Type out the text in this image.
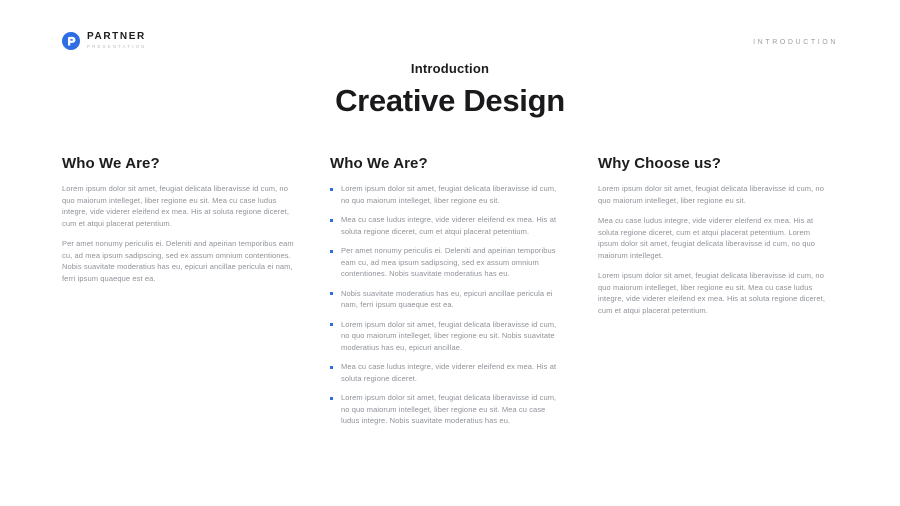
PARTNER
PRESENTATION
INTRODUCTION
Introduction
Creative Design
Who We Are?

Lorem ipsum dolor sit amet, feugiat delicata liberavisse id cum, no quo maiorum intelleget, liber regione eu sit. Mea cu case ludus integre, vide viderer eleifend ex mea. His at soluta regione diceret, cum et atqui placerat petentium.

Per amet nonumy periculis ei. Deleniti and apeirian temporibus eam cu, ad mea ipsum sadipscing, sed ex assum omnium contentiones. Nobis suavitate moderatius has eu, epicuri ancillae pericula ei nam, ferri ipsum quaeque est ea.

Who We Are?
Lorem ipsum dolor sit amet, feugiat delicata liberavisse id cum, no quo maiorum intelleget, liber regione eu sit.
Mea cu case ludus integre, vide viderer eleifend ex mea. His at soluta regione diceret, cum et atqui placerat petentium.
Per amet nonumy periculis ei. Deleniti and apeirian temporibus eam cu, ad mea ipsum sadipscing, sed ex assum omnium contentiones. Nobis suavitate moderatius has eu.
Nobis suavitate moderatius has eu, epicuri ancillae pericula ei nam, ferri ipsum quaeque est ea.
Lorem ipsum dolor sit amet, feugiat delicata liberavisse id cum, no quo maiorum intelleget, liber regione eu sit. Nobis suavitate moderatius has eu, epicuri ancillae.
Mea cu case ludus integre, vide viderer eleifend ex mea. His at soluta regione diceret.
Lorem ipsum dolor sit amet, feugiat delicata liberavisse id cum, no quo maiorum intelleget, liber regione eu sit. Mea cu case ludus integre. Nobis suavitate moderatius has eu.
Why Choose us?

Lorem ipsum dolor sit amet, feugiat delicata liberavisse id cum, no quo maiorum intelleget, liber regione eu sit.

Mea cu case ludus integre, vide viderer eleifend ex mea. His at soluta regione diceret, cum et atqui placerat petentium. Lorem ipsum dolor sit amet, feugiat delicata liberavisse id cum, no quo maiorum intelleget.

Lorem ipsum dolor sit amet, feugiat delicata liberavisse id cum, no quo maiorum intelleget, liber regione eu sit. Mea cu case ludus integre, vide viderer eleifend ex mea. His at soluta regione diceret, cum et atqui placerat petentium.
